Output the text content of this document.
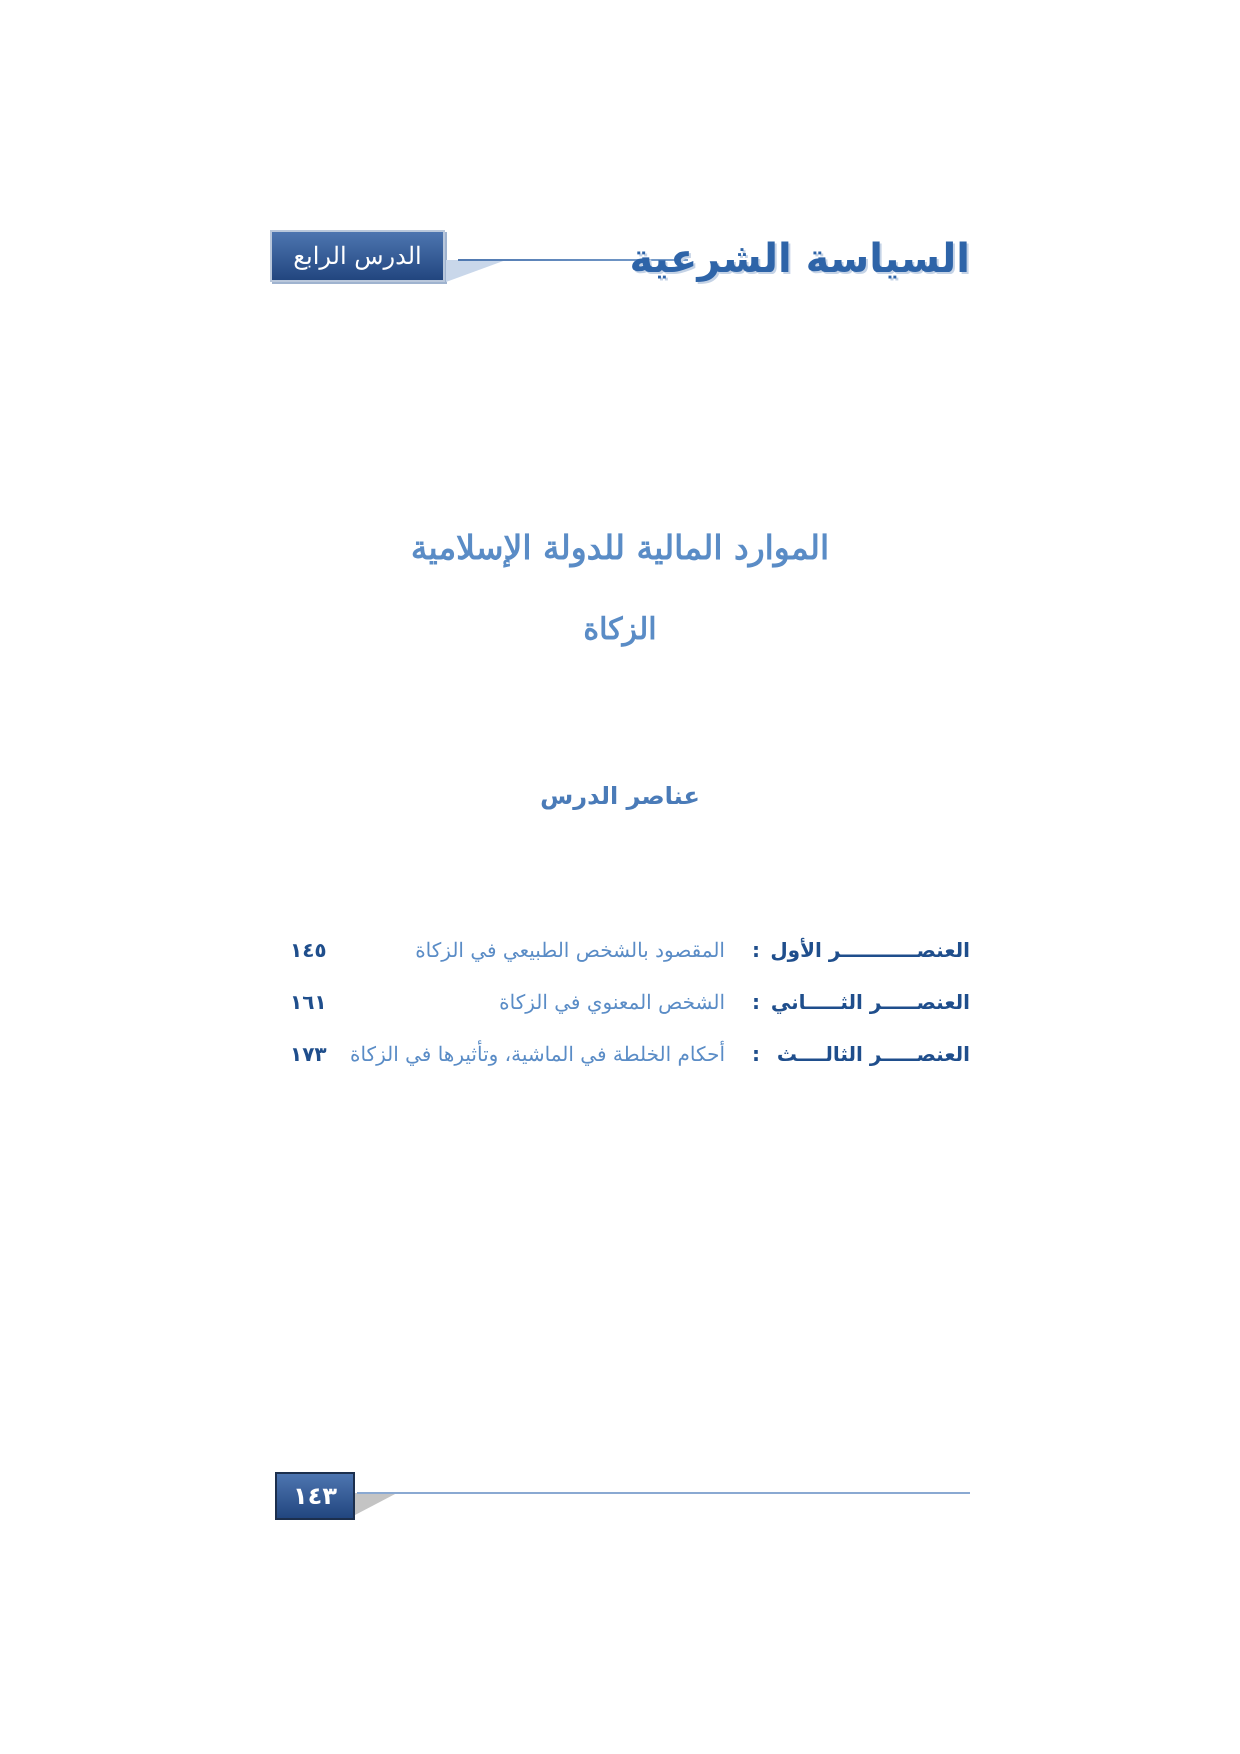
الدرس الرابع	السياسة الشرعية
الموارد المالية للدولة الإسلامية
الزكاة
عناصر الدرس
العنصـــــــــــر الأول
:
المقصود بالشخص الطبيعي في الزكاة
١٤٥
العنصـــــر الثـــــاني
:
الشخص المعنوي في الزكاة
١٦١
العنصـــــر الثالــــث
:
أحكام الخلطة في الماشية، وتأثيرها في الزكاة
١٧٣
١٤٣
